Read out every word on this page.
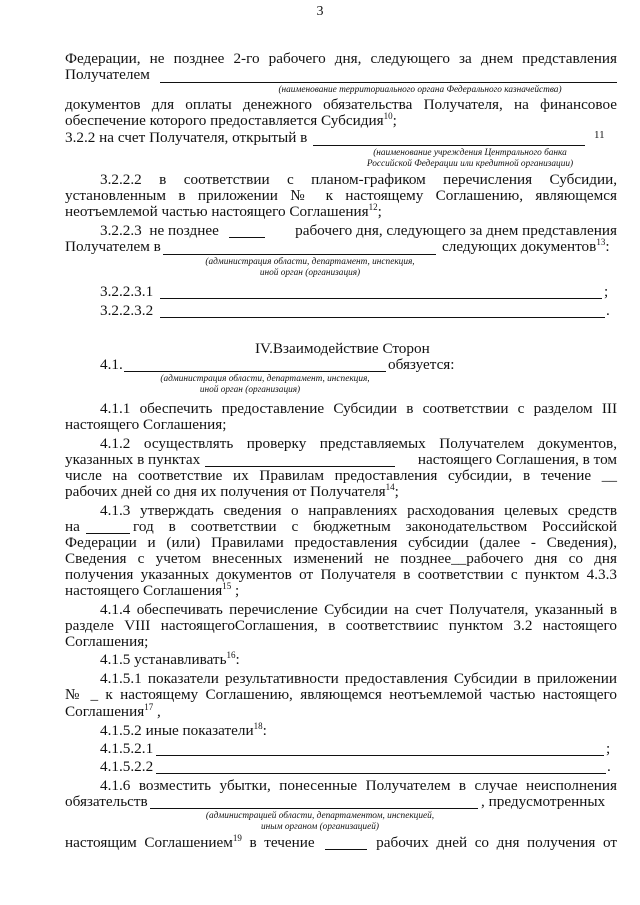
3
Федерации, не позднее 2-го рабочего дня, следующего за днем представления
Получателем
(наименование территориального органа Федерального казначейства)
документов для оплаты денежного обязательства Получателя, на финансовое
обеспечение которого предоставляется Субсидия$^{10}$;
3.2.2 на счет Получателя, открытый в	11
(наименование учреждения Центрального банка
Российской Федерации или кредитной организации)
3.2.2.2 в соответствии с планом-графиком перечисления Субсидии,
установленным в приложении № к настоящему Соглашению, являющемся
неотъемлемой частью настоящего Соглашения$^{12}$;
3.2.2.3  не позднее	рабочего дня, следующего за днем представления
Получателем в	следующих документов$^{13}$:
(администрация области, департамент, инспекция,
иной орган (организация)
3.2.2.3.1	;
3.2.2.3.2	.
IV.Взаимодействие Сторон
4.1.	обязуется:
(администрация области, департамент, инспекция,
иной орган (организация)
4.1.1 обеспечить предоставление Субсидии в соответствии с разделом III
настоящего Соглашения;
4.1.2 осуществлять проверку представляемых Получателем документов,
указанных в пунктах	настоящего Соглашения, в том
числе на соответствие их Правилам предоставления субсидии, в течение __
рабочих дней со дня их получения от Получателя$^{14}$;
4.1.3 утверждать сведения о направлениях расходования целевых средств
на	год в соответствии с бюджетным законодательством Российской
Федерации и (или) Правилами предоставления субсидии (далее - Сведения),
Сведения с учетом внесенных изменений не позднее__рабочего дня со дня
получения указанных документов от Получателя в соответствии с пунктом 4.3.3
настоящего Соглашения$^{15}$ ;
4.1.4 обеспечивать перечисление Субсидии на счет Получателя, указанный в
разделе VIII настоящегоСоглашения, в соответствиис пунктом 3.2 настоящего
Соглашения;
4.1.5 устанавливать$^{16}$:
4.1.5.1 показатели результативности предоставления Субсидии в приложении
№ _ к настоящему Соглашению, являющемся неотъемлемой частью настоящего
Соглашения$^{17}$ ,
4.1.5.2 иные показатели$^{18}$:
4.1.5.2.1	;
4.1.5.2.2	.
4.1.6 возместить убытки, понесенные Получателем в случае неисполнения
обязательств	, предусмотренных
(администрацией области, департаментом, инспекцией,
иным органом (организацией)
настоящим  Соглашением$^{19}$  в  течение	рабочих  дней  со  дня  получения  от
